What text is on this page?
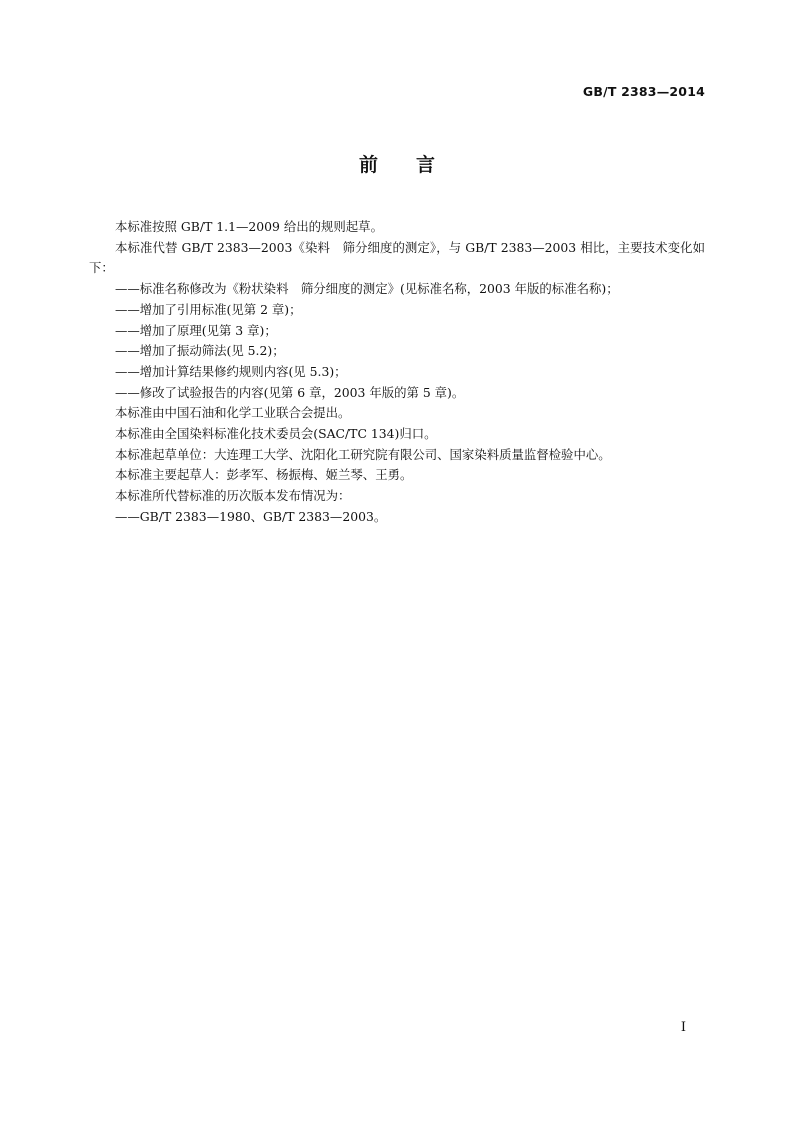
GB/T 2383—2014
前 言

本标准按照 GB/T 1.1—2009 给出的规则起草。

本标准代替 GB/T 2383—2003《染料　筛分细度的测定》，与 GB/T 2383—2003 相比，主要技术变化如下：

——标准名称修改为《粉状染料　筛分细度的测定》(见标准名称，2003 年版的标准名称)；

——增加了引用标准(见第 2 章)；

——增加了原理(见第 3 章)；

——增加了振动筛法(见 5.2)；

——增加计算结果修约规则内容(见 5.3)；

——修改了试验报告的内容(见第 6 章，2003 年版的第 5 章)。

本标准由中国石油和化学工业联合会提出。

本标准由全国染料标准化技术委员会(SAC/TC 134)归口。

本标准起草单位：大连理工大学、沈阳化工研究院有限公司、国家染料质量监督检验中心。

本标准主要起草人：彭孝军、杨振梅、姬兰琴、王勇。

本标准所代替标准的历次版本发布情况为：

——GB/T 2383—1980、GB/T 2383—2003。

I
